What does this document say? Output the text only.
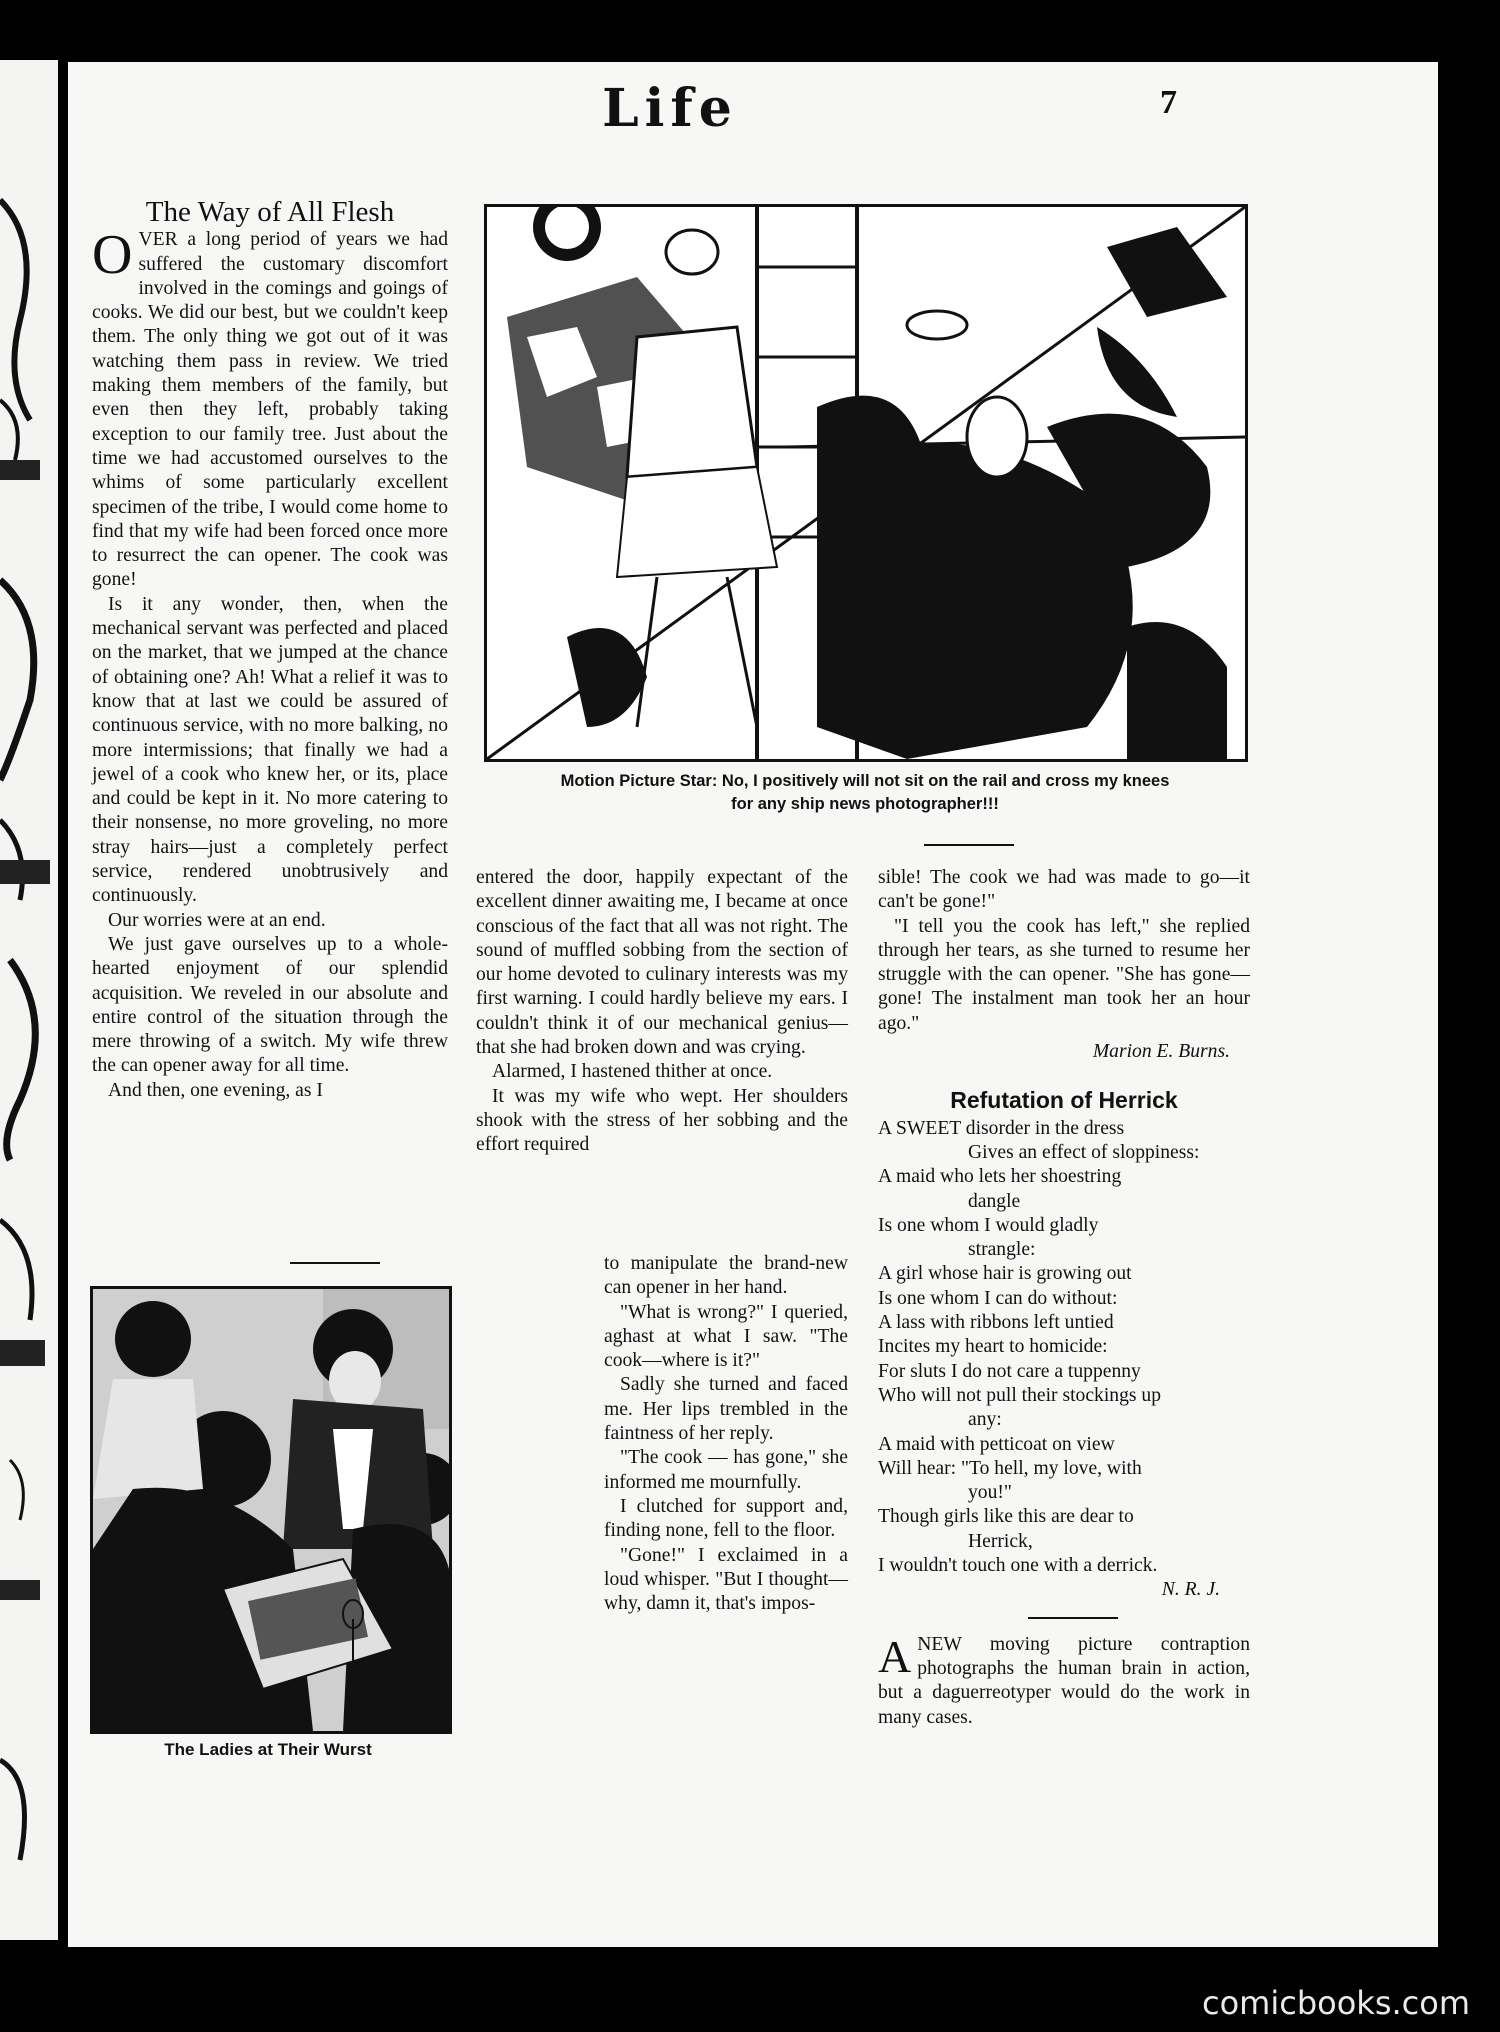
Life	7
The Way of All Flesh

OVER a long period of years we had suffered the customary discomfort involved in the comings and goings of cooks. We did our best, but we couldn't keep them. The only thing we got out of it was watching them pass in review. We tried making them members of the family, but even then they left, probably taking exception to our family tree. Just about the time we had accustomed ourselves to the whims of some particularly excellent specimen of the tribe, I would come home to find that my wife had been forced once more to resurrect the can opener. The cook was gone!

Is it any wonder, then, when the mechanical servant was perfected and placed on the market, that we jumped at the chance of obtaining one? Ah! What a relief it was to know that at last we could be assured of continuous service, with no more balking, no more intermissions; that finally we had a jewel of a cook who knew her, or its, place and could be kept in it. No more catering to their nonsense, no more groveling, no more stray hairs—just a completely perfect service, rendered unobtrusively and continuously.

Our worries were at an end.

We just gave ourselves up to a whole-hearted enjoyment of our splendid acquisition. We reveled in our absolute and entire control of the situation through the mere throwing of a switch. My wife threw the can opener away for all time.

And then, one evening, as I

entered the door, happily expectant of the excellent dinner awaiting me, I became at once conscious of the fact that all was not right. The sound of muffled sobbing from the section of our home devoted to culinary interests was my first warning. I could hardly believe my ears. I couldn't think it of our mechanical genius—that she had broken down and was crying.

Alarmed, I hastened thither at once.

It was my wife who wept. Her shoulders shook with the stress of her sobbing and the effort required

to manipulate the brand-new can opener in her hand.

"What is wrong?" I queried, aghast at what I saw. "The cook—where is it?"

Sadly she turned and faced me. Her lips trembled in the faintness of her reply.

"The cook — has gone," she informed me mournfully.

I clutched for support and, finding none, fell to the floor.

"Gone!" I exclaimed in a loud whisper. "But I thought—why, damn it, that's impos-

sible! The cook we had was made to go—it can't be gone!"

"I tell you the cook has left," she replied through her tears, as she turned to resume her struggle with the can opener. "She has gone—gone! The instalment man took her an hour ago."

Marion E. Burns.
Refutation of Herrick
A SWEET disorder in the dress
Gives an effect of sloppiness:
A maid who lets her shoestring
dangle
Is one whom I would gladly
strangle:
A girl whose hair is growing out
Is one whom I can do without:
A lass with ribbons left untied
Incites my heart to homicide:
For sluts I do not care a tuppenny
Who will not pull their stockings up
any:
A maid with petticoat on view
Will hear: "To hell, my love, with
you!"
Though girls like this are dear to
Herrick,
I wouldn't touch one with a derrick.
N. R. J.

ANEW moving picture contraption photographs the human brain in action, but a daguerreotyper would do the work in many cases.

Motion Picture Star: No, I positively will not sit on the rail and cross my knees
for any ship news photographer!!!
The Ladies at Their Wurst
comicbooks.com
